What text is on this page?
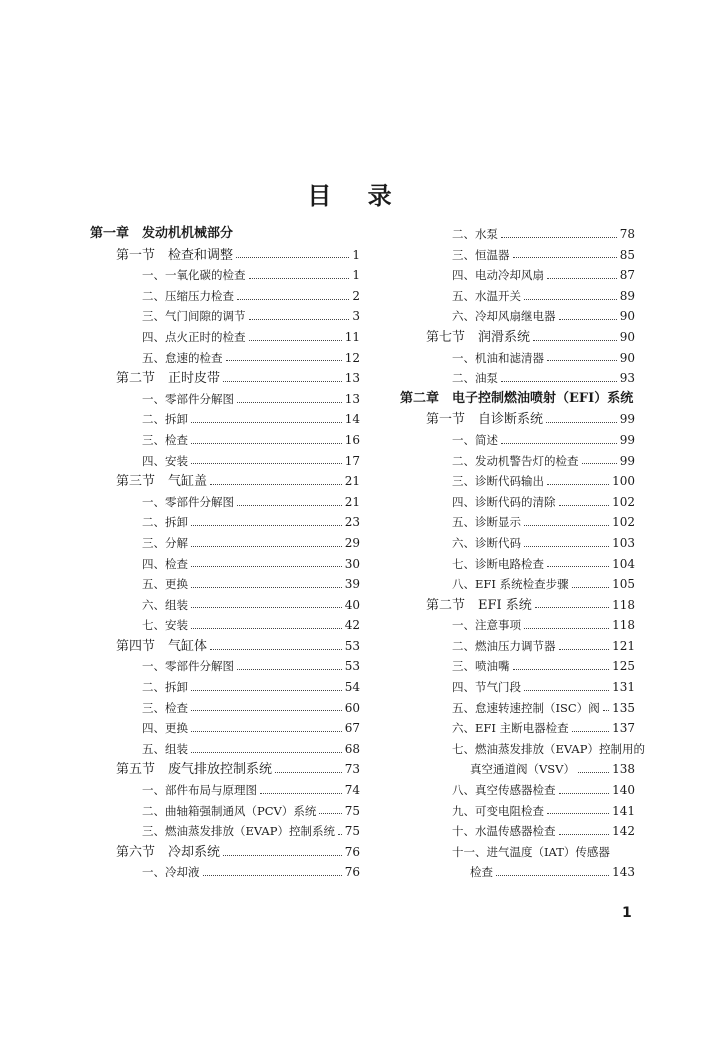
目 录
第一章　发动机机械部分
第一节　检查和调整	1
一、一氧化碳的检查	1
二、压缩压力检查	2
三、气门间隙的调节	3
四、点火正时的检查	11
五、怠速的检查	12
第二节　正时皮带	13
一、零部件分解图	13
二、拆卸	14
三、检查	16
四、安装	17
第三节　气缸盖	21
一、零部件分解图	21
二、拆卸	23
三、分解	29
四、检查	30
五、更换	39
六、组装	40
七、安装	42
第四节　气缸体	53
一、零部件分解图	53
二、拆卸	54
三、检查	60
四、更换	67
五、组装	68
第五节　废气排放控制系统	73
一、部件布局与原理图	74
二、曲轴箱强制通风（PCV）系统 75
三、燃油蒸发排放（EVAP）控制系统 75
第六节　冷却系统	76
一、冷却液	76
二、水泵	78
三、恒温器	85
四、电动冷却风扇	87
五、水温开关	89
六、冷却风扇继电器	90
第七节　润滑系统	90
一、机油和滤清器	90
二、油泵	93
第二章　电子控制燃油喷射（EFI）系统
第一节　自诊断系统	99
一、简述	99
二、发动机警告灯的检查	99
三、诊断代码输出	100
四、诊断代码的清除	102
五、诊断显示	102
六、诊断代码	103
七、诊断电路检查	104
八、EFI 系统检查步骤	105
第二节　EFI 系统	118
一、注意事项	118
二、燃油压力调节器	121
三、喷油嘴	125
四、节气门段	131
五、怠速转速控制（ISC）阀 135
六、EFI 主断电器检查	137
七、燃油蒸发排放（EVAP）控制用的
真空通道阀（VSV）	138
八、真空传感器检查	140
九、可变电阻检查	141
十、水温传感器检查	142
十一、进气温度（IAT）传感器
检查	143
1
